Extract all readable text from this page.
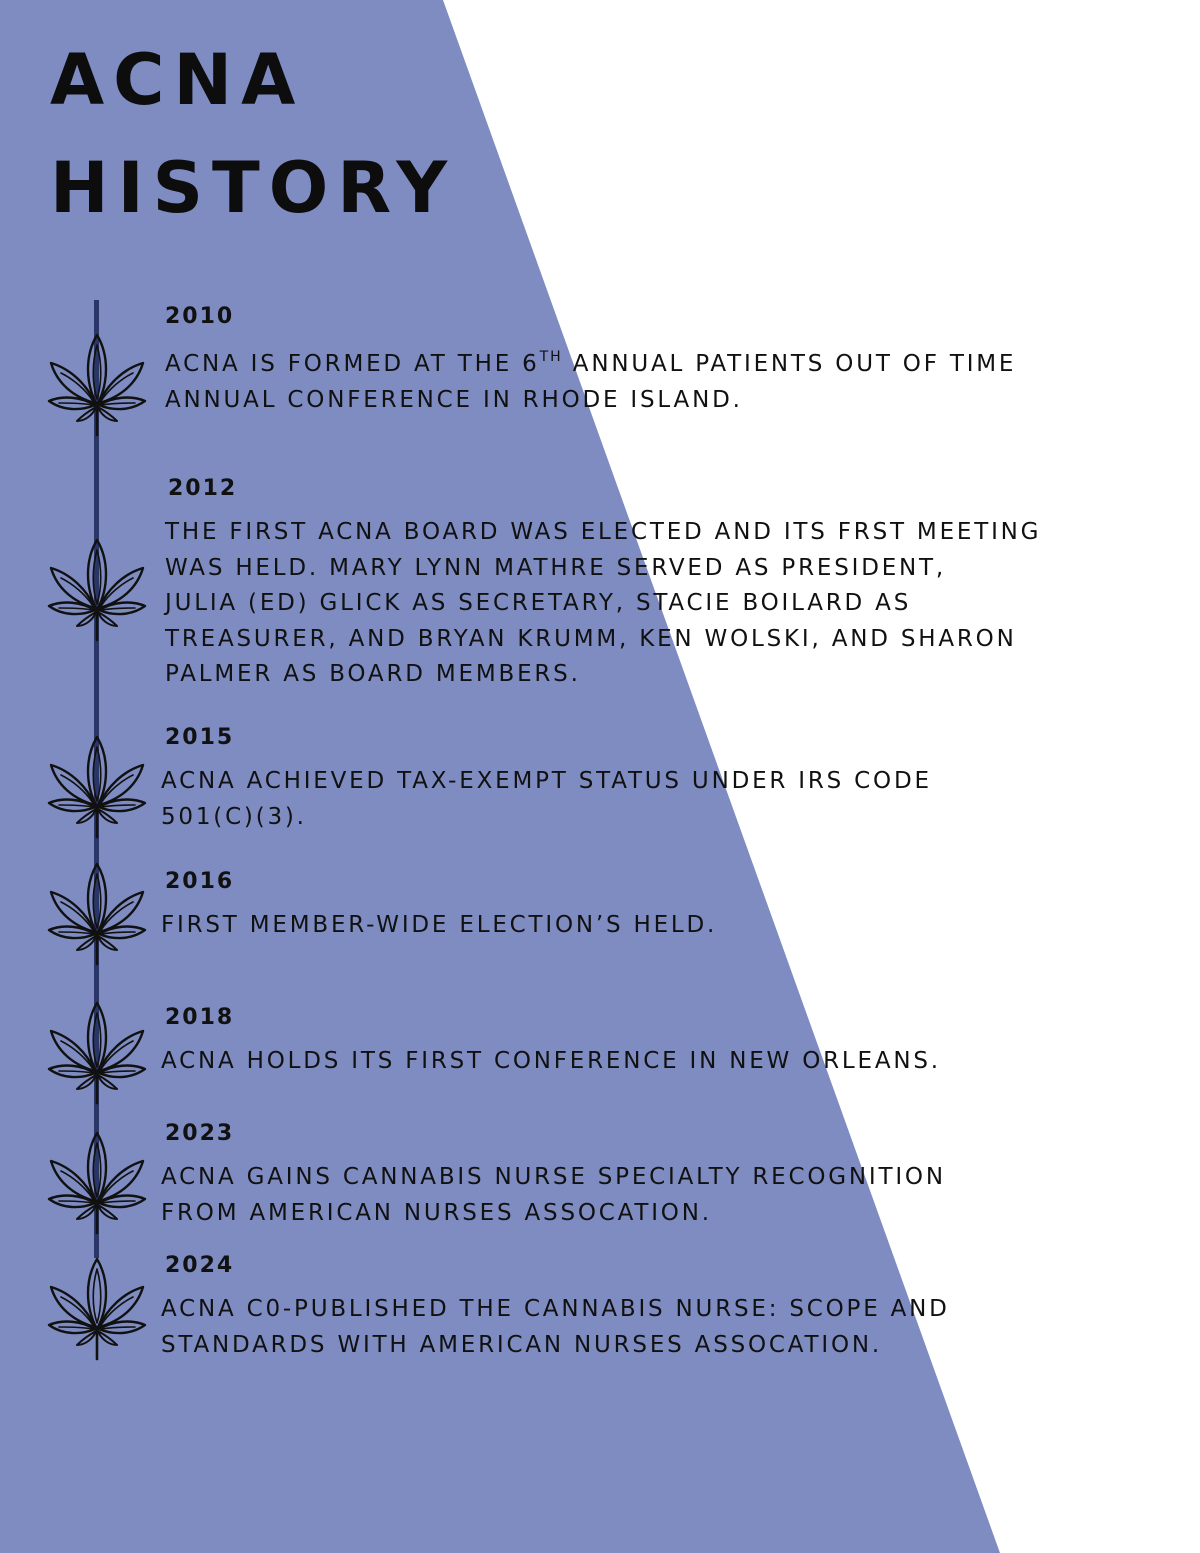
ACNA
HISTORY

2010

ACNA IS FORMED AT THE 6TH ANNUAL PATIENTS OUT OF TIME
ANNUAL CONFERENCE IN RHODE ISLAND.

2012

THE FIRST ACNA BOARD WAS ELECTED AND ITS FRST MEETING
WAS HELD. MARY LYNN MATHRE SERVED AS PRESIDENT,
JULIA (ED) GLICK AS SECRETARY, STACIE BOILARD AS
TREASURER, AND BRYAN KRUMM, KEN WOLSKI, AND SHARON
PALMER AS BOARD MEMBERS.

2015

ACNA ACHIEVED TAX-EXEMPT STATUS UNDER IRS CODE
501(C)(3).

2016

FIRST MEMBER-WIDE ELECTION’S HELD.

2018

ACNA HOLDS ITS FIRST CONFERENCE IN NEW ORLEANS.

2023

ACNA GAINS CANNABIS NURSE SPECIALTY RECOGNITION
FROM AMERICAN NURSES ASSOCATION.

2024

ACNA C0-PUBLISHED THE CANNABIS NURSE: SCOPE AND
STANDARDS WITH AMERICAN NURSES ASSOCATION.
